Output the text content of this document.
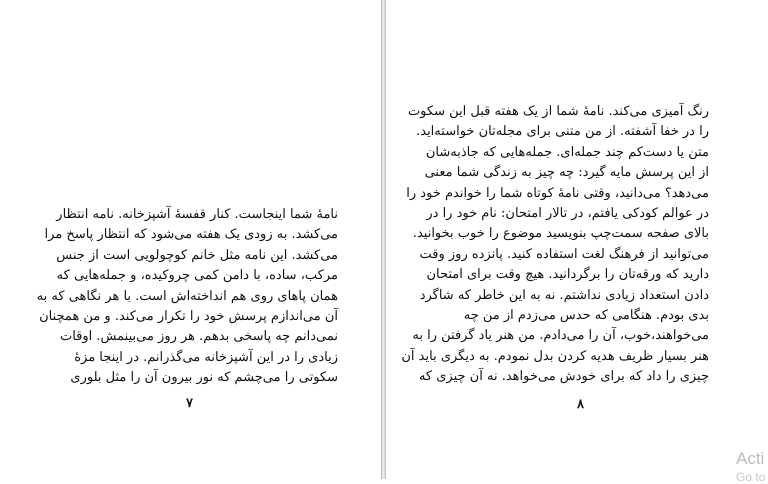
نامهٔ شما اینجاست. کنار قفسهٔ آشپزخانه. نامه انتظار
می‌کشد. به زودی یک هفته می‌شود که انتظار پاسخ مرا
می‌کشد. این نامه مثل خانم کوچولویی است از جنس
مرکب، ساده، با دامن کمی چروکیده، و جمله‌هایی که
همان پاهای روی هم انداخته‌اش است. با هر نگاهی که به
آن می‌اندازم پرسش خود را تکرار می‌کند. و من همچنان
نمی‌دانم چه پاسخی بدهم. هر روز می‌بینمش. اوقات
زیادی را در این آشپزخانه می‌گذرانم. در اینجا مزهٔ
سکوتی را می‌چشم که نور بیرون آن را مثل بلوری
۷
رنگ آمیزی می‌کند. نامهٔ شما از یک هفته قبل این سکوت
را در خفا آشفته. از من متنی برای مجله‌تان خواسته‌اید.
متن یا دست‌کم چند جمله‌ای. جمله‌هایی که جاذبه‌شان
از این پرسش مایه گیرد: چه چیز به زندگی شما معنی
می‌دهد؟ می‌دانید، وقتی نامهٔ کوتاه شما را خواندم خود را
در عوالم کودکی یافتم، در تالار امتحان: نام خود را در
بالای صفحه سمت‌چپ بنویسید موضوع را خوب بخوانید.
می‌توانید از فرهنگ لغت استفاده کنید. پانزده روز وقت
دارید که ورقه‌تان را برگردانید. هیچ وقت برای امتحان
دادن استعداد زیادی نداشتم. نه به این خاطر که شاگرد
بدی بودم. هنگامی که حدس می‌زدم از من چه
می‌خواهند،خوب، آن را می‌دادم. من هنر یاد گرفتن را به
هنر بسیار ظریف هدیه کردن بدل نمودم. به دیگری باید آن
چیزی را داد که برای خودش می‌خواهد. نه آن چیزی که
۸
Acti
Go to
